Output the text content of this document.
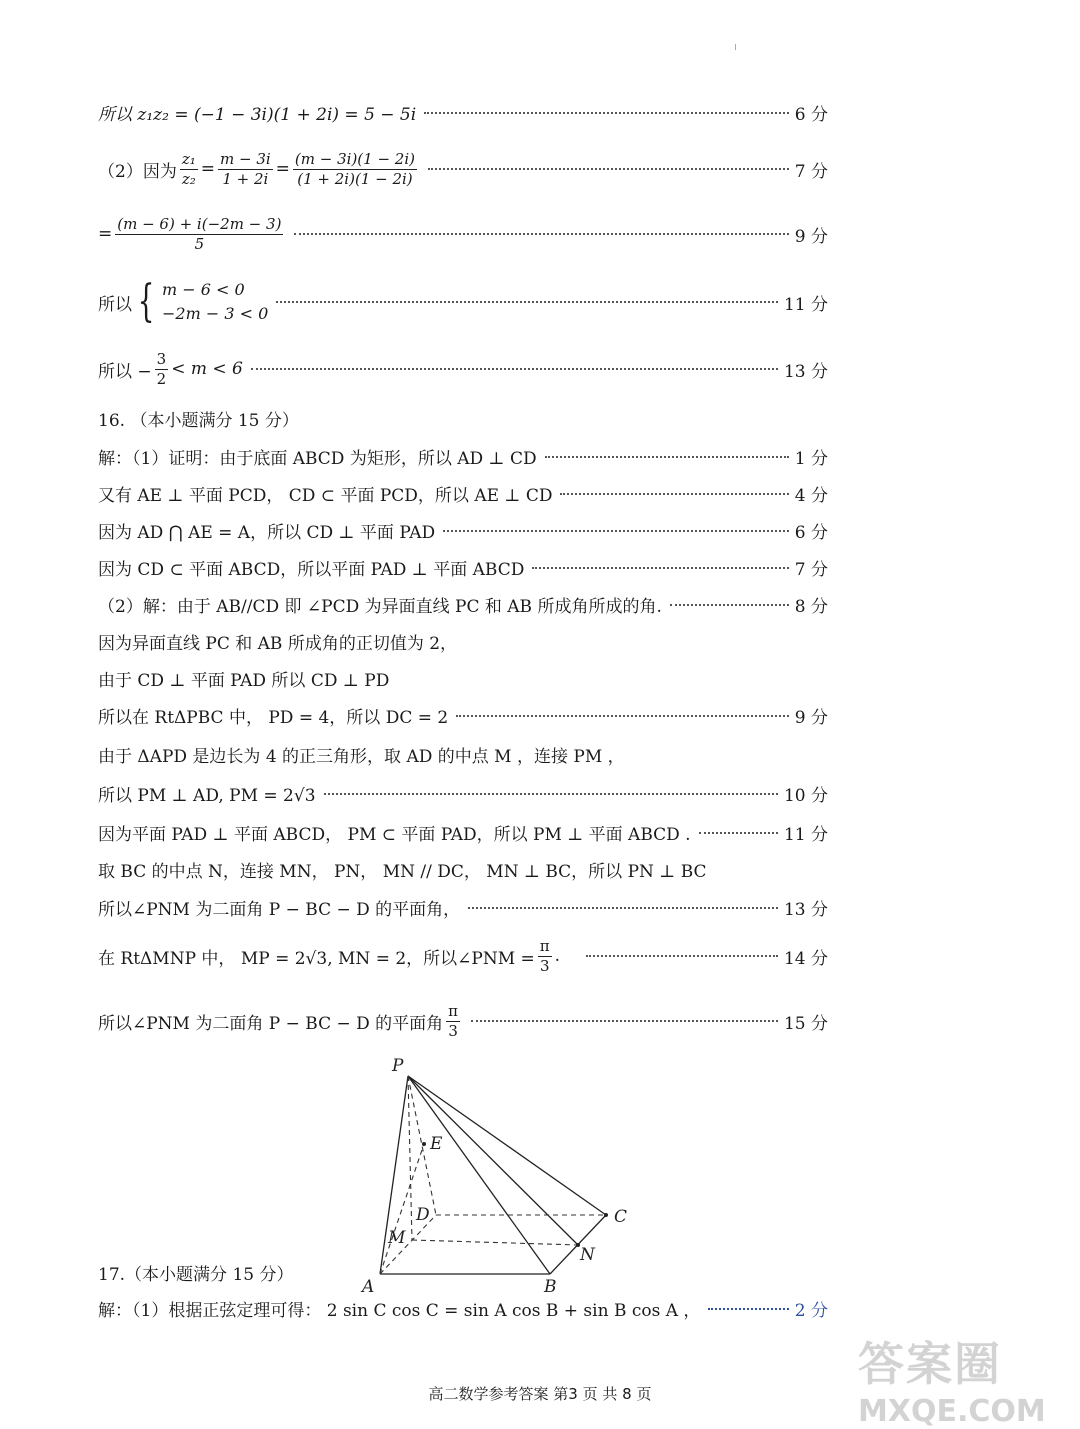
所以 z₁z₂ = (−1 − 3i)(1 + 2i) = 5 − 5i	6 分
（2）因为 $\frac{\text{z₁}}{\text{z₂}} = \frac{m - 3i}{1 + 2i} = \frac{(m - 3i)(1 - 2i)}{(1 + 2i)(1 - 2i)}$	7 分
= $\frac{(m - 6) + i(-2m - 3)}{5}$	9 分
所以 { m − 6 < 0
−2m − 3 < 0	11 分
所以 − $\frac{3}{2} < m < 6$	13 分
16. （本小题满分 15 分）
解：（1）证明：由于底面 ABCD 为矩形，所以 AD ⊥ CD	1 分
又有 AE ⊥ 平面 PCD， CD ⊂ 平面 PCD，所以 AE ⊥ CD	4 分
因为 AD ⋂ AE = A，所以 CD ⊥ 平面 PAD	6 分
因为 CD ⊂ 平面 ABCD，所以平面 PAD ⊥ 平面 ABCD	7 分
（2）解：由于 AB//CD 即 ∠PCD 为异面直线 PC 和 AB 所成角所成的角.	8 分
因为异面直线 PC 和 AB 所成角的正切值为 2，
由于 CD ⊥ 平面 PAD 所以 CD ⊥ PD
所以在 RtΔPBC 中， PD = 4，所以 DC = 2	9 分
由于 ΔAPD 是边长为 4 的正三角形，取 AD 的中点 M ，连接 PM ，
所以 PM ⊥ AD, PM = 2√3	10 分
因为平面 PAD ⊥ 平面 ABCD， PM ⊂ 平面 PAD，所以 PM ⊥ 平面 ABCD .	11 分
取 BC 的中点 N，连接 MN， PN， MN // DC， MN ⊥ BC，所以 PN ⊥ BC
所以∠PNM 为二面角 P − BC − D 的平面角，	13 分
在 RtΔMNP 中， MP = 2√3, MN = 2，所以∠PNM = $\frac{\pi}{3}$ .	14 分
所以∠PNM 为二面角 P − BC − D 的平面角 $\frac{\pi}{3}$	15 分
P
E
D	C
M
N
A	B
17.（本小题满分 15 分）
解：（1）根据正弦定理可得： 2 sin C cos C = sin A cos B + sin B cos A ，	2 分
答案圈
MXQE.COM
高二数学参考答案 第3 页 共 8 页
